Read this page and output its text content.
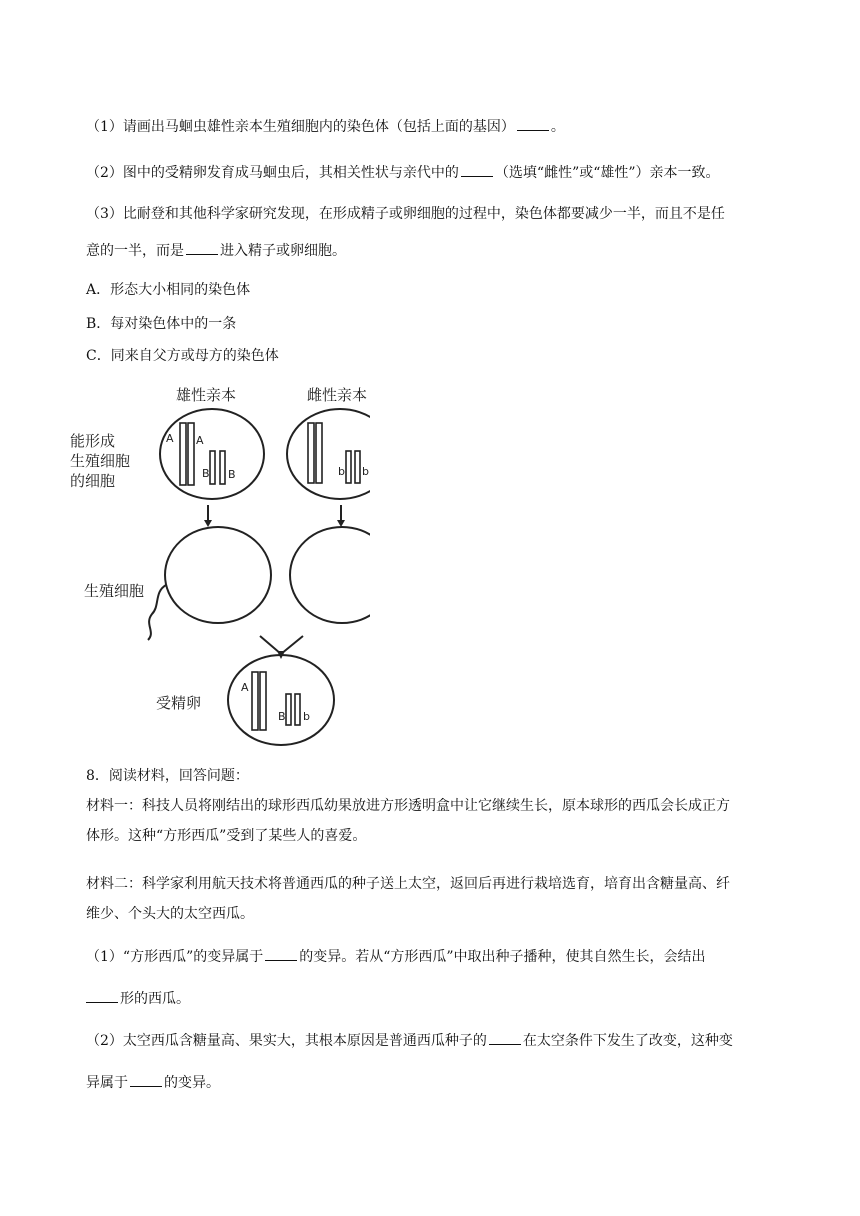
（1）请画出马蛔虫雄性亲本生殖细胞内的染色体（包括上面的基因）	。
（2）图中的受精卵发育成马蛔虫后，其相关性状与亲代中的	（选填“雌性”或“雄性”）亲本一致。
（3）比耐登和其他科学家研究发现，在形成精子或卵细胞的过程中，染色体都要减少一半，而且不是任
意的一半，而是	进入精子或卵细胞。
A．形态大小相同的染色体
B．每对染色体中的一条
C．同来自父方或母方的染色体
A A
B B	b b
A
B b
雄性亲本	雌性亲本
能形成
生殖细胞
的细胞
生殖细胞
受精卵
8．阅读材料，回答问题：
材料一：科技人员将刚结出的球形西瓜幼果放进方形透明盒中让它继续生长，原本球形的西瓜会长成正方
体形。这种“方形西瓜”受到了某些人的喜爱。
材料二：科学家利用航天技术将普通西瓜的种子送上太空，返回后再进行栽培选育，培育出含糖量高、纤
维少、个头大的太空西瓜。
（1）“方形西瓜”的变异属于	的变异。若从“方形西瓜”中取出种子播种，使其自然生长，会结出
形的西瓜。
（2）太空西瓜含糖量高、果实大，其根本原因是普通西瓜种子的	在太空条件下发生了改变，这种变
异属于	的变异。
